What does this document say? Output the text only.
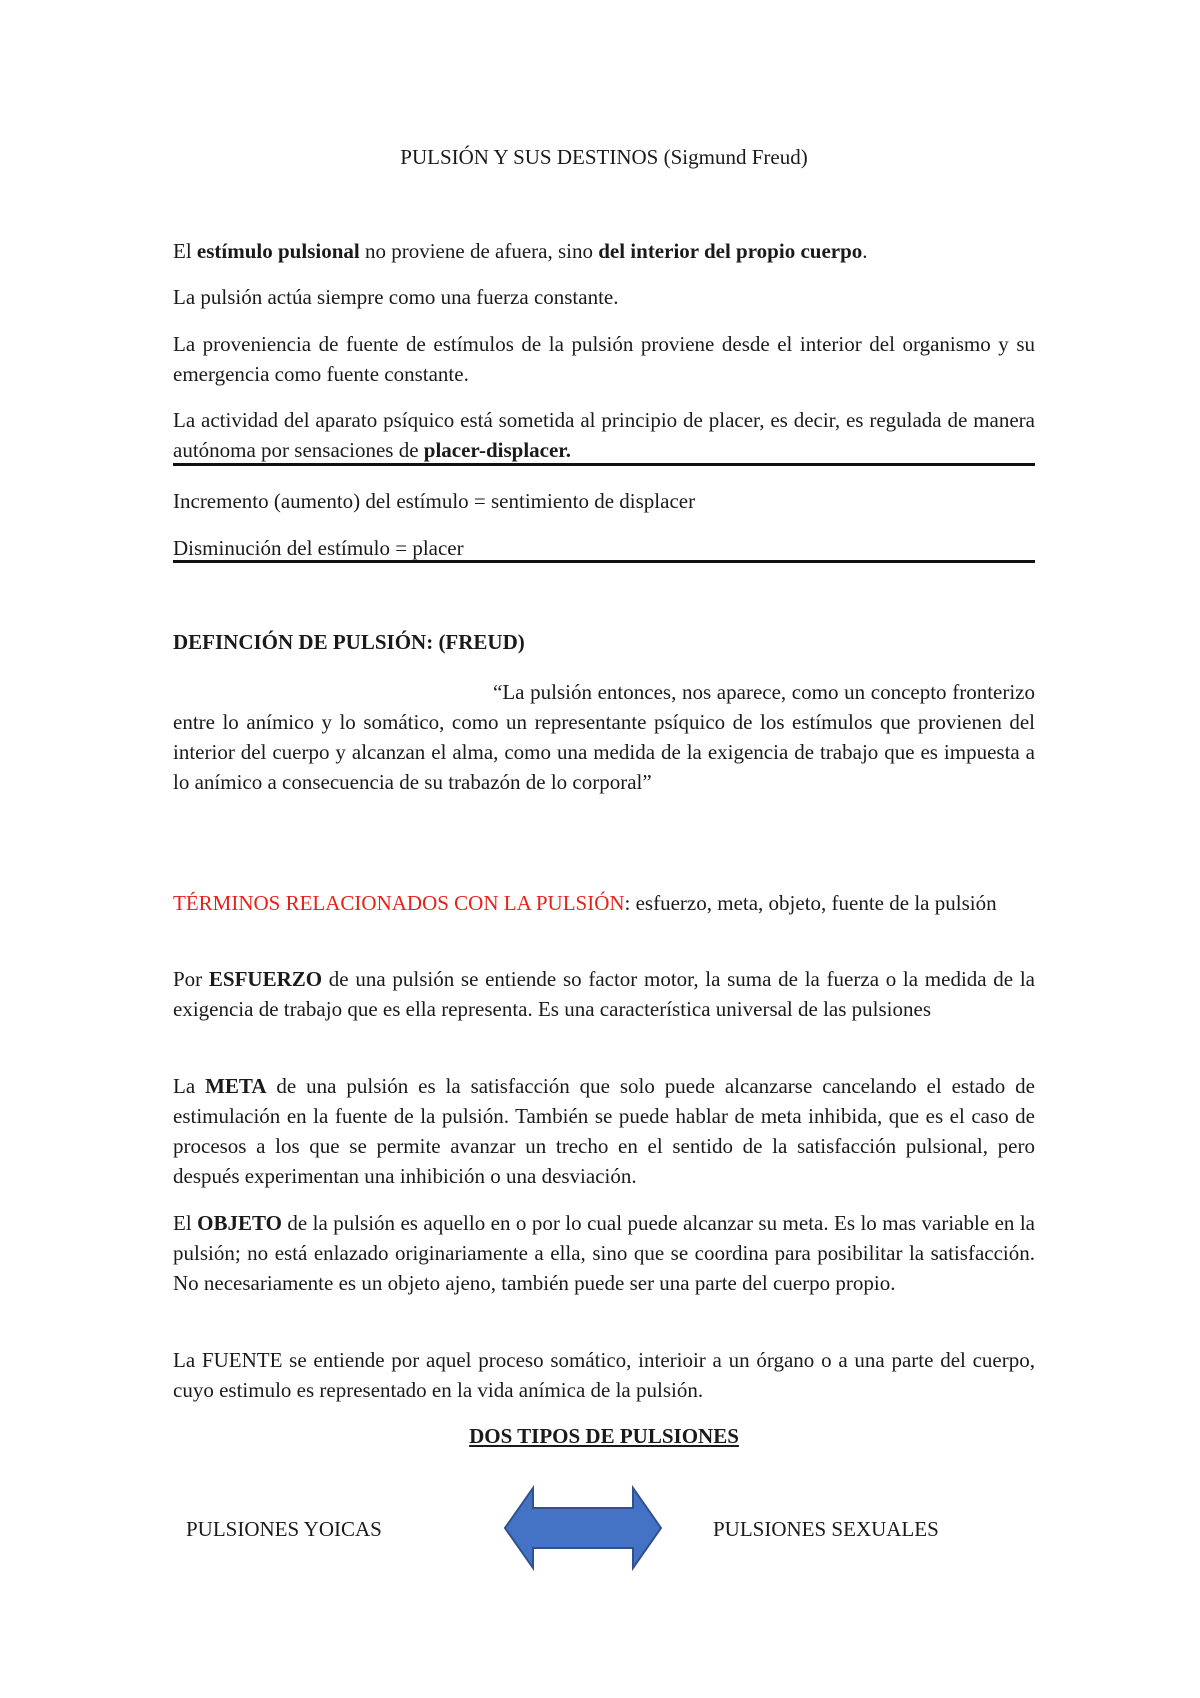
PULSIÓN Y SUS DESTINOS (Sigmund Freud)

El estímulo pulsional no proviene de afuera, sino del interior del propio cuerpo.

La pulsión actúa siempre como una fuerza constante.

La proveniencia de fuente de estímulos de la pulsión proviene desde el interior del organismo y su emergencia como fuente constante.

La actividad del aparato psíquico está sometida al principio de placer, es decir, es regulada de manera autónoma por sensaciones de placer-displacer.

Incremento (aumento) del estímulo = sentimiento de displacer

Disminución del estímulo = placer

DEFINCIÓN DE PULSIÓN: (FREUD)

“La pulsión entonces, nos aparece, como un concepto fronterizo entre lo anímico y lo somático, como un representante psíquico de los estímulos que provienen del interior del cuerpo y alcanzan el alma, como una medida de la exigencia de trabajo que es impuesta a lo anímico a consecuencia de su trabazón de lo corporal”

TÉRMINOS RELACIONADOS CON LA PULSIÓN: esfuerzo, meta, objeto, fuente de la pulsión

Por ESFUERZO de una pulsión se entiende so factor motor, la suma de la fuerza o la medida de la exigencia de trabajo que es ella representa. Es una característica universal de las pulsiones

La META de una pulsión es la satisfacción que solo puede alcanzarse cancelando el estado de estimulación en la fuente de la pulsión. También se puede hablar de meta inhibida, que es el caso de procesos a los que se permite avanzar un trecho en el sentido de la satisfacción pulsional, pero después experimentan una inhibición o una desviación.

El OBJETO de la pulsión es aquello en o por lo cual puede alcanzar su meta. Es lo mas variable en la pulsión; no está enlazado originariamente a ella, sino que se coordina para posibilitar la satisfacción. No necesariamente es un objeto ajeno, también puede ser una parte del cuerpo propio.

La FUENTE se entiende por aquel proceso somático, interioir a un órgano o a una parte del cuerpo, cuyo estimulo es representado en la vida anímica de la pulsión.

DOS TIPOS DE PULSIONES

PULSIONES YOICAS	PULSIONES SEXUALES
